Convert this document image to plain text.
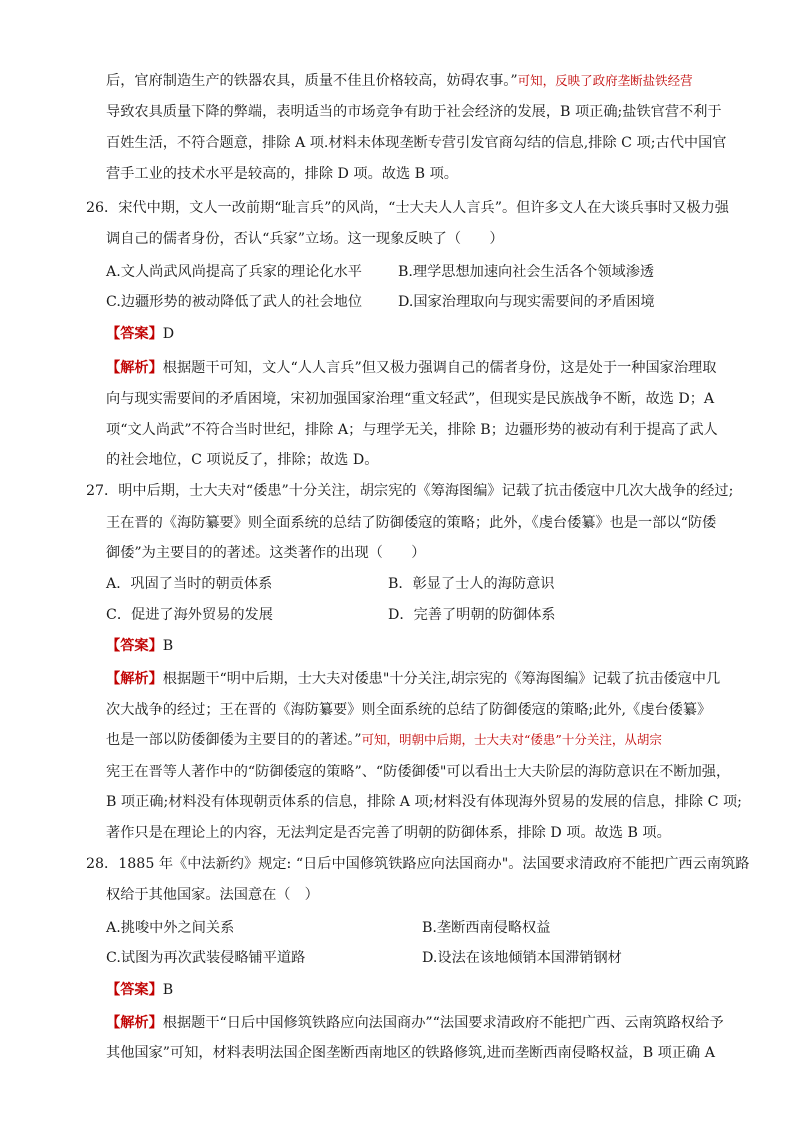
后，官府制造生产的铁器农具，质量不佳且价格较高，妨碍农事。”可知，反映了政府垄断盐铁经营
导致农具质量下降的弊端，表明适当的市场竞争有助于社会经济的发展，B 项正确;盐铁官营不利于
百姓生活，不符合题意，排除 A 项.材料未体现垄断专营引发官商勾结的信息,排除 C 项;古代中国官
营手工业的技术水平是较高的，排除 D 项。故选 B 项。
26．宋代中期，文人一改前期“耻言兵”的风尚，“士大夫人人言兵”。但许多文人在大谈兵事时又极力强
调自己的儒者身份，否认“兵家”立场。这一现象反映了（　　）
A.文人尚武风尚提高了兵家的理论化水平	B.理学思想加速向社会生活各个领域渗透
C.边疆形势的被动降低了武人的社会地位	D.国家治理取向与现实需要间的矛盾困境
【答案】D
【解析】根据题干可知，文人“人人言兵”但又极力强调自己的儒者身份，这是处于一种国家治理取
向与现实需要间的矛盾困境，宋初加强国家治理“重文轻武”，但现实是民族战争不断，故选 D；A
项“文人尚武”不符合当时世纪，排除 A；与理学无关，排除 B；边疆形势的被动有利于提高了武人
的社会地位，C 项说反了，排除；故选 D。
27．明中后期，士大夫对“倭患”十分关注，胡宗宪的《筹海图编》记载了抗击倭寇中几次大战争的经过;
王在晋的《海防纂要》则全面系统的总结了防御倭寇的策略；此外，《虔台倭纂》也是一部以“防倭
御倭”为主要目的的著述。这类著作的出现（　　）
A．巩固了当时的朝贡体系	B．彰显了士人的海防意识
C．促进了海外贸易的发展	D．完善了明朝的防御体系
【答案】B
【解析】根据题干“明中后期，士大夫对倭患"十分关注,胡宗宪的《筹海图编》记载了抗击倭寇中几
次大战争的经过；王在晋的《海防纂要》则全面系统的总结了防御倭寇的策略;此外,《虔台倭纂》
也是一部以防倭御倭为主要目的的著述。”可知，明朝中后期，士大夫对“倭患”十分关注，从胡宗
宪王在晋等人著作中的“防御倭寇的策略”、“防倭御倭"可以看出士大夫阶层的海防意识在不断加强，
B 项正确;材料没有体现朝贡体系的信息，排除 A 项;材料没有体现海外贸易的发展的信息，排除 C 项;
著作只是在理论上的内容，无法判定是否完善了明朝的防御体系，排除 D 项。故选 B 项。
28．1885 年《中法新约》规定: “日后中国修筑铁路应向法国商办"。法国要求清政府不能把广西云南筑路
权给于其他国家。法国意在（　）
A.挑唆中外之间关系	B.垄断西南侵略权益
C.试图为再次武装侵略铺平道路	D.设法在该地倾销本国滞销钢材
【答案】B
【解析】根据题干“日后中国修筑铁路应向法国商办”“法国要求清政府不能把广西、云南筑路权给予
其他国家”可知，材料表明法国企图垄断西南地区的铁路修筑,进而垄断西南侵略权益，B 项正确 A
